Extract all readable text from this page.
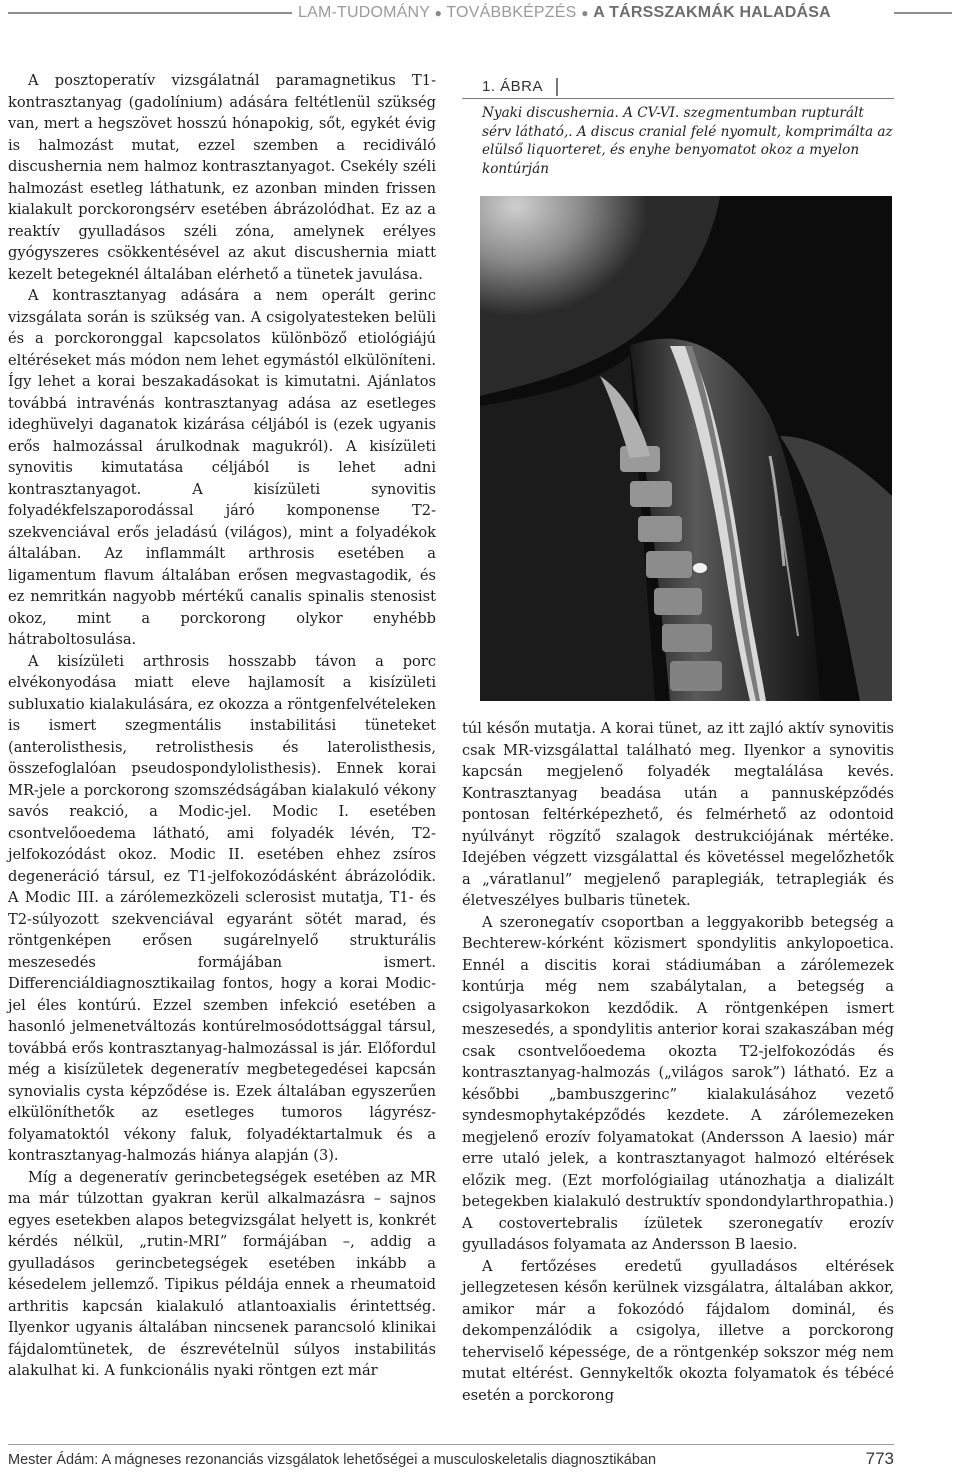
LAM-TUDOMÁNY ● TOVÁBBKÉPZÉS ● A TÁRSSZAKMÁK HALADÁSA

A posztoperatív vizsgálatnál paramagnetikus T1-kontrasztanyag (gadolínium) adására feltétlenül szükség van, mert a hegszövet hosszú hónapokig, sőt, egykét évig is halmozást mutat, ezzel szemben a recidiváló discushernia nem halmoz kontrasztanyagot. Csekély széli halmozást esetleg láthatunk, ez azonban minden frissen kialakult porckorongsérv esetében ábrázolódhat. Ez az a reaktív gyulladásos széli zóna, amelynek erélyes gyógyszeres csökkentésével az akut discushernia miatt kezelt betegeknél általában elérhető a tünetek javulása.

A kontrasztanyag adására a nem operált gerinc vizsgálata során is szükség van. A csigolyatesteken belüli és a porckoronggal kapcsolatos különböző etiológiájú eltéréseket más módon nem lehet egymástól elkülöníteni. Így lehet a korai beszakadásokat is kimutatni. Ajánlatos továbbá intravénás kontrasztanyag adása az esetleges ideghüvelyi daganatok kizárása céljából is (ezek ugyanis erős halmozással árulkodnak magukról). A kisízületi synovitis kimutatása céljából is lehet adni kontrasztanyagot. A kisízületi synovitis folyadékfelszaporodással járó komponense T2-szekvenciával erős jeladású (világos), mint a folyadékok általában. Az inflammált arthrosis esetében a ligamentum flavum általában erősen megvastagodik, és ez nemritkán nagyobb mértékű canalis spinalis stenosist okoz, mint a porckorong olykor enyhébb hátraboltosulása.

A kisízületi arthrosis hosszabb távon a porc elvékonyodása miatt eleve hajlamosít a kisízületi subluxatio kialakulására, ez okozza a röntgenfelvételeken is ismert szegmentális instabilitási tüneteket (anterolisthesis, retrolisthesis és laterolisthesis, összefoglalóan pseudospondylolisthesis). Ennek korai MR-jele a porckorong szomszédságában kialakuló vékony savós reakció, a Modic-jel. Modic I. esetében csontvelőoedema látható, ami folyadék lévén, T2-jelfokozódást okoz. Modic II. esetében ehhez zsíros degeneráció társul, ez T1-jelfokozódásként ábrázolódik. A Modic III. a zárólemezközeli sclerosist mutatja, T1- és T2-súlyozott szekvenciával egyaránt sötét marad, és röntgenképen erősen sugárelnyelő strukturális meszesedés formájában ismert. Differenciáldiagnosztikailag fontos, hogy a korai Modic-jel éles kontúrú. Ezzel szemben infekció esetében a hasonló jelmenetváltozás kontúrelmosódottsággal társul, továbbá erős kontrasztanyag-halmozással is jár. Előfordul még a kisízületek degeneratív megbetegedései kapcsán synovialis cysta képződése is. Ezek általában egyszerűen elkülöníthetők az esetleges tumoros lágyrész-folyamatoktól vékony faluk, folyadéktartalmuk és a kontrasztanyag-halmozás hiánya alapján (3).

Míg a degeneratív gerincbetegségek esetében az MR ma már túlzottan gyakran kerül alkalmazásra – sajnos egyes esetekben alapos betegvizsgálat helyett is, konkrét kérdés nélkül, „rutin-MRI” formájában –, addig a gyulladásos gerincbetegségek esetében inkább a késedelem jellemző. Tipikus példája ennek a rheumatoid arthritis kapcsán kialakuló atlantoaxialis érintettség. Ilyenkor ugyanis általában nincsenek parancsoló klinikai fájdalomtünetek, de észrevételnül súlyos instabilitás alakulhat ki. A funkcionális nyaki röntgen ezt már

1. ÁBRA
Nyaki discushernia. A CV-VI. szegmentumban rupturált sérv látható,. A discus cranial felé nyomult, komprimálta az elülső liquorteret, és enyhe benyomatot okoz a myelon kontúrján

túl későn mutatja. A korai tünet, az itt zajló aktív synovitis csak MR-vizsgálattal található meg. Ilyenkor a synovitis kapcsán megjelenő folyadék megtalálása kevés. Kontrasztanyag beadása után a pannusképződés pontosan feltérképezhető, és felmérhető az odontoid nyúlványt rögzítő szalagok destrukciójának mértéke. Idejében végzett vizsgálattal és követéssel megelőzhetők a „váratlanul” megjelenő paraplegiák, tetraplegiák és életveszélyes bulbaris tünetek.

A szeronegatív csoportban a leggyakoribb betegség a Bechterew-kórként közismert spondylitis ankylopoetica. Ennél a discitis korai stádiumában a zárólemezek kontúrja még nem szabálytalan, a betegség a csigolyasarkokon kezdődik. A röntgenképen ismert meszesedés, a spondylitis anterior korai szakaszában még csak csontvelőoedema okozta T2-jelfokozódás és kontrasztanyag-halmozás („világos sarok”) látható. Ez a későbbi „bambuszgerinc” kialakulásához vezető syndesmophytaképződés kezdete. A zárólemezeken megjelenő erozív folyamatokat (Andersson A laesio) már erre utaló jelek, a kontrasztanyagot halmozó eltérések előzik meg. (Ezt morfológiailag utánozhatja a dializált betegekben kialakuló destruktív spondondylarthropathia.) A costovertebralis ízületek szeronegatív erozív gyulladásos folyamata az Andersson B laesio.

A fertőzéses eredetű gyulladásos eltérések jellegzetesen későn kerülnek vizsgálatra, általában akkor, amikor már a fokozódó fájdalom dominál, és dekompenzálódik a csigolya, illetve a porckorong teherviselő képessége, de a röntgenkép sokszor még nem mutat eltérést. Gennykeltők okozta folyamatok és tébécé esetén a porckorong

Mester Ádám: A mágneses rezonanciás vizsgálatok lehetőségei a musculoskeletalis diagnosztikában	773
